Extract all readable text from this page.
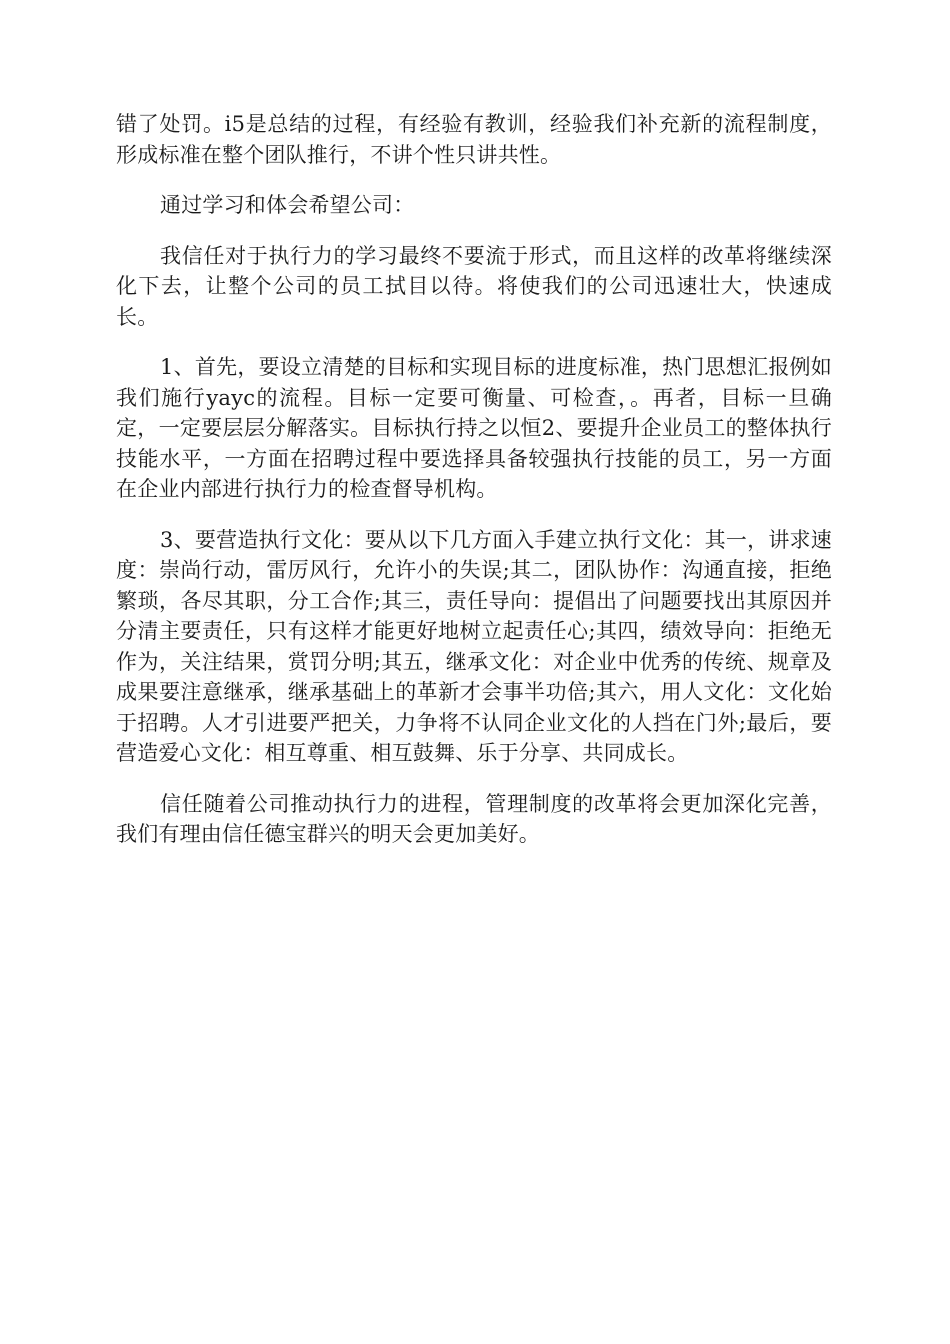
错了处罚。i5是总结的过程，有经验有教训，经验我们补充新的流程制度，形成标准在整个团队推行，不讲个性只讲共性。

通过学习和体会希望公司：

我信任对于执行力的学习最终不要流于形式，而且这样的改革将继续深化下去，让整个公司的员工拭目以待。将使我们的公司迅速壮大，快速成长。

1、首先，要设立清楚的目标和实现目标的进度标准，热门思想汇报例如我们施行yayc的流程。目标一定要可衡量、可检查，。再者，目标一旦确定，一定要层层分解落实。目标执行持之以恒2、要提升企业员工的整体执行技能水平，一方面在招聘过程中要选择具备较强执行技能的员工，另一方面在企业内部进行执行力的检查督导机构。

3、要营造执行文化：要从以下几方面入手建立执行文化：其一，讲求速度：崇尚行动，雷厉风行，允许小的失误;其二，团队协作：沟通直接，拒绝繁琐，各尽其职，分工合作;其三，责任导向：提倡出了问题要找出其原因并分清主要责任，只有这样才能更好地树立起责任心;其四，绩效导向：拒绝无作为，关注结果，赏罚分明;其五，继承文化：对企业中优秀的传统、规章及成果要注意继承，继承基础上的革新才会事半功倍;其六，用人文化：文化始于招聘。人才引进要严把关，力争将不认同企业文化的人挡在门外;最后，要营造爱心文化：相互尊重、相互鼓舞、乐于分享、共同成长。

信任随着公司推动执行力的进程，管理制度的改革将会更加深化完善，我们有理由信任德宝群兴的明天会更加美好。
